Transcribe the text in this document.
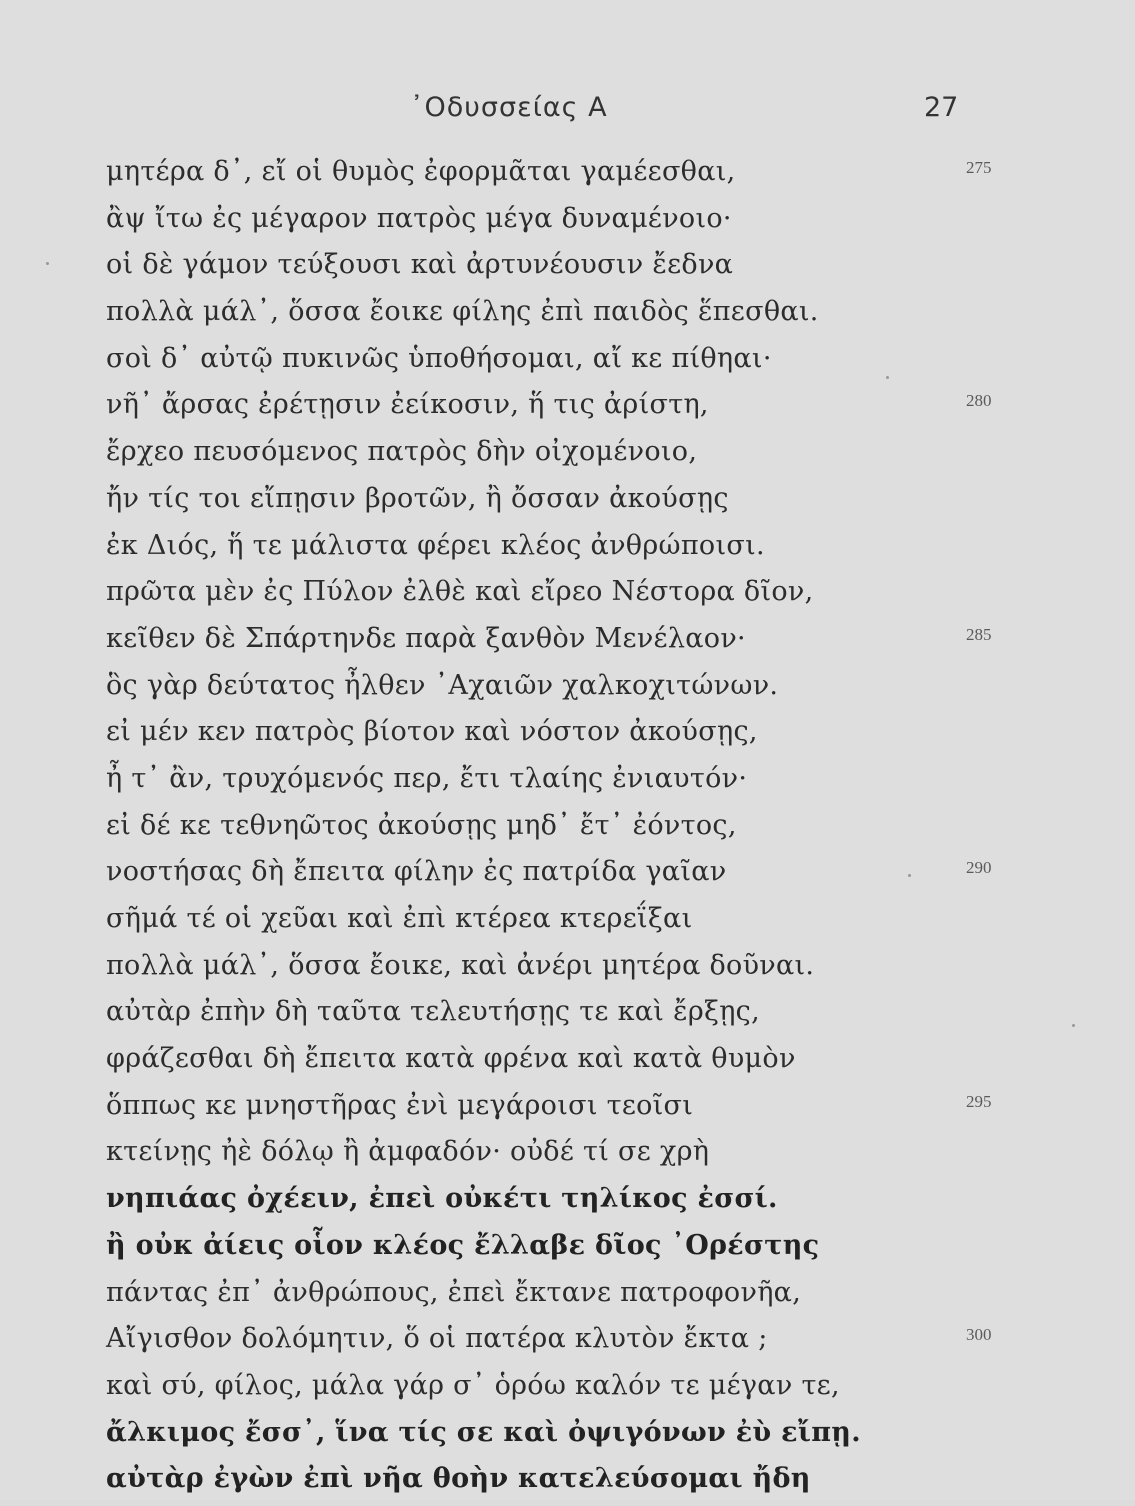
᾿Οδυσσείας Α	27
μητέρα δ᾽, εἴ οἱ θυμὸς ἐφορμᾶται γαμέεσθαι,	275
ἂψ ἴτω ἐς μέγαρον πατρὸς μέγα δυναμένοιο·
οἱ δὲ γάμον τεύξουσι καὶ ἀρτυνέουσιν ἔεδνα
πολλὰ μάλ᾽, ὅσσα ἔοικε φίλης ἐπὶ παιδὸς ἕπεσθαι.
σοὶ δ᾽ αὐτῷ πυκινῶς ὑποθήσομαι, αἴ κε πίθηαι·
νῆ᾽ ἄρσας ἐρέτῃσιν ἐείκοσιν, ἥ τις ἀρίστη,	280
ἔρχεο πευσόμενος πατρὸς δὴν οἰχομένοιο,
ἤν τίς τοι εἴπῃσιν βροτῶν, ἢ ὄσσαν ἀκούσῃς
ἐκ Διός, ἥ τε μάλιστα φέρει κλέος ἀνθρώποισι.
πρῶτα μὲν ἐς Πύλον ἐλθὲ καὶ εἴρεο Νέστορα δῖον,
κεῖθεν δὲ Σπάρτηνδε παρὰ ξανθὸν Μενέλαον·	285
ὃς γὰρ δεύτατος ἦλθεν ᾿Αχαιῶν χαλκοχιτώνων.
εἰ μέν κεν πατρὸς βίοτον καὶ νόστον ἀκούσῃς,
ἦ τ᾽ ἂν, τρυχόμενός περ, ἔτι τλαίης ἐνιαυτόν·
εἰ δέ κε τεθνηῶτος ἀκούσῃς μηδ᾽ ἔτ᾽ ἐόντος,
νοστήσας δὴ ἔπειτα φίλην ἐς πατρίδα γαῖαν	290
σῆμά τέ οἱ χεῦαι καὶ ἐπὶ κτέρεα κτερεΐξαι
πολλὰ μάλ᾽, ὅσσα ἔοικε, καὶ ἀνέρι μητέρα δοῦναι.
αὐτὰρ ἐπὴν δὴ ταῦτα τελευτήσῃς τε καὶ ἔρξῃς,
φράζεσθαι δὴ ἔπειτα κατὰ φρένα καὶ κατὰ θυμὸν
ὅππως κε μνηστῆρας ἐνὶ μεγάροισι τεοῖσι	295
κτείνῃς ἠὲ δόλῳ ἢ ἀμφαδόν· οὐδέ τί σε χρὴ
νηπιάας ὀχέειν, ἐπεὶ οὐκέτι τηλίκος ἐσσί.
ἢ οὐκ ἀίεις οἷον κλέος ἔλλαβε δῖος ᾿Ορέστης
πάντας ἐπ᾽ ἀνθρώπους, ἐπεὶ ἔκτανε πατροφονῆα,
Αἴγισθον δολόμητιν, ὅ οἱ πατέρα κλυτὸν ἔκτα ;	300
καὶ σύ, φίλος, μάλα γάρ σ᾽ ὁρόω καλόν τε μέγαν τε,
ἄλκιμος ἔσσ᾽, ἵνα τίς σε καὶ ὀψιγόνων ἐὺ εἴπῃ.
αὐτὰρ ἐγὼν ἐπὶ νῆα θοὴν κατελεύσομαι ἤδη
